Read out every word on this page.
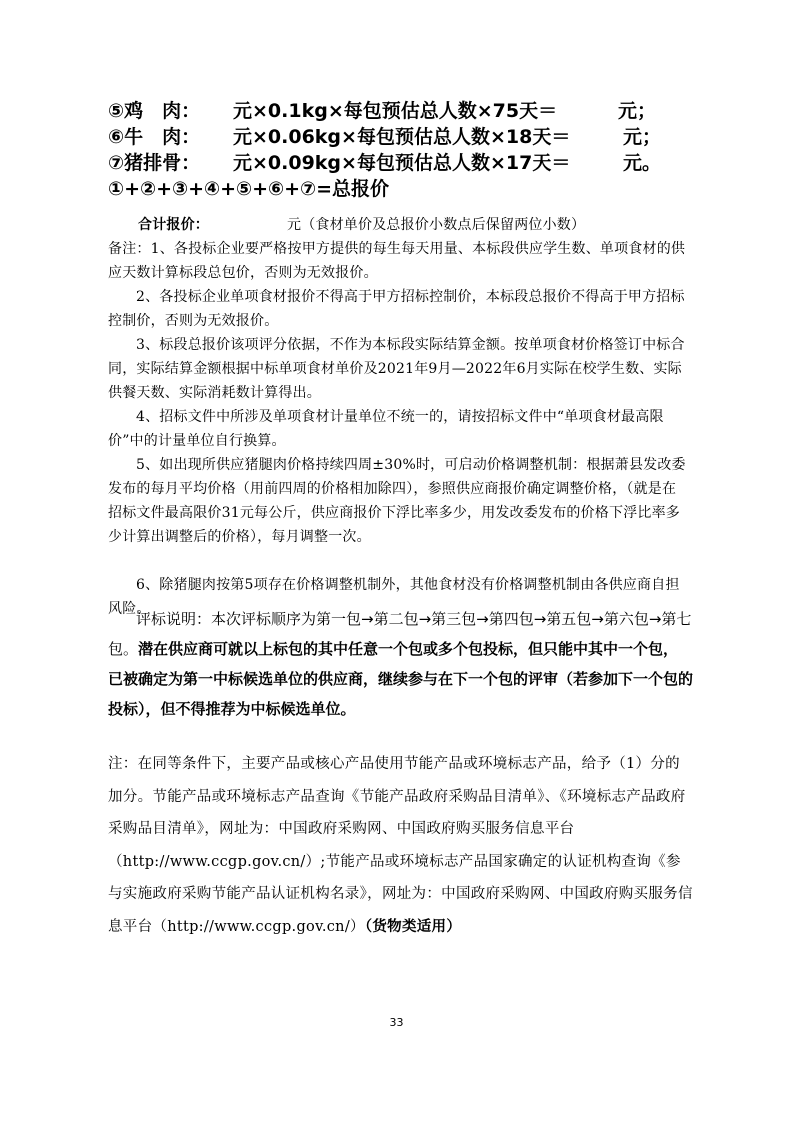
⑤鸡　肉： 元×0.1kg×每包预估总人数×75天＝	元；
⑥牛　肉： 元×0.06kg×每包预估总人数×18天＝	元；
⑦猪排骨： 元×0.09kg×每包预估总人数×17天＝	元。
①+②+③+④+⑤+⑥+⑦=总报价
合计报价：	元（食材单价及总报价小数点后保留两位小数）
备注：1、各投标企业要严格按甲方提供的每生每天用量、本标段供应学生数、单项食材的供应天数计算标段总包价，否则为无效报价。
2、各投标企业单项食材报价不得高于甲方招标控制价，本标段总报价不得高于甲方招标控制价，否则为无效报价。
3、标段总报价该项评分依据，不作为本标段实际结算金额。按单项食材价格签订中标合同，实际结算金额根据中标单项食材单价及2021年9月—2022年6月实际在校学生数、实际供餐天数、实际消耗数计算得出。
4、招标文件中所涉及单项食材计量单位不统一的，请按招标文件中“单项食材最高限价”中的计量单位自行换算。
5、如出现所供应猪腿肉价格持续四周±30%时，可启动价格调整机制：根据萧县发改委发布的每月平均价格（用前四周的价格相加除四），参照供应商报价确定调整价格，（就是在招标文件最高限价31元每公斤，供应商报价下浮比率多少，用发改委发布的价格下浮比率多少计算出调整后的价格），每月调整一次。
6、除猪腿肉按第5项存在价格调整机制外，其他食材没有价格调整机制由各供应商自担风险。
评标说明：本次评标顺序为第一包→第二包→第三包→第四包→第五包→第六包→第七包。潜在供应商可就以上标包的其中任意一个包或多个包投标，但只能中其中一个包，已被确定为第一中标候选单位的供应商，继续参与在下一个包的评审（若参加下一个包的投标），但不得推荐为中标候选单位。
注：在同等条件下，主要产品或核心产品使用节能产品或环境标志产品，给予（1）分的加分。节能产品或环境标志产品查询《节能产品政府采购品目清单》、《环境标志产品政府采购品目清单》，网址为：中国政府采购网、中国政府购买服务信息平台（http://www.ccgp.gov.cn/）;节能产品或环境标志产品国家确定的认证机构查询《参与实施政府采购节能产品认证机构名录》，网址为：中国政府采购网、中国政府购买服务信息平台（http://www.ccgp.gov.cn/）（货物类适用）
33
